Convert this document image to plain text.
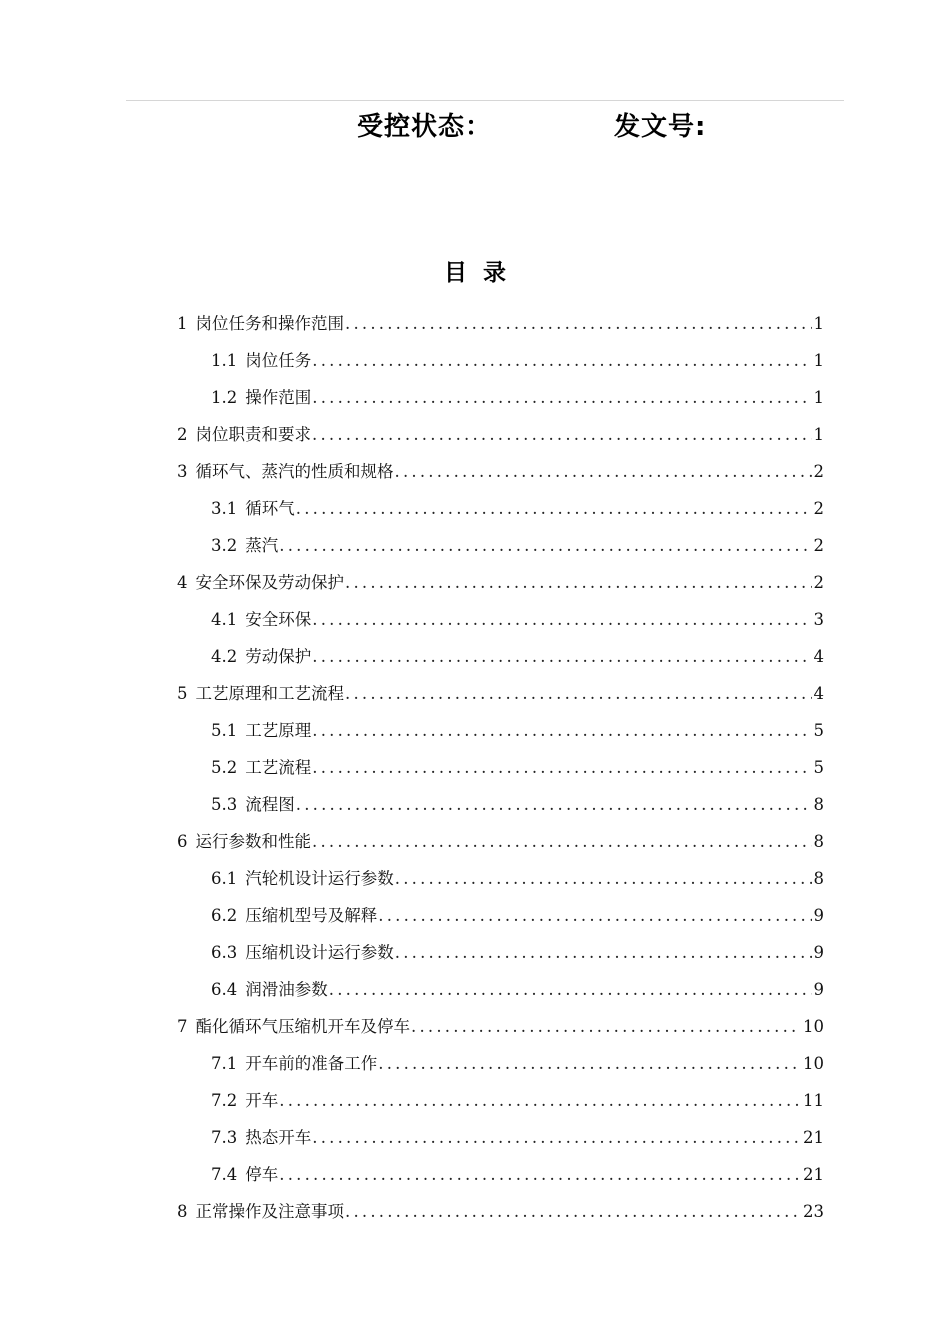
受控状态：	发文号:
目  录
1 岗位任务和操作范围 .....	1
1.1 岗位任务 .....	1
1.2 操作范围 .....	1
2 岗位职责和要求 .....	1
3 循环气、蒸汽的性质和规格 .....	2
3.1 循环气 .....	2
3.2 蒸汽 .....	2
4 安全环保及劳动保护 .....	2
4.1 安全环保 .....	3
4.2 劳动保护 .....	4
5 工艺原理和工艺流程 .....	4
5.1 工艺原理 .....	5
5.2 工艺流程 .....	5
5.3 流程图 .....	8
6 运行参数和性能 .....	8
6.1 汽轮机设计运行参数 .....	8
6.2 压缩机型号及解释 .....	9
6.3 压缩机设计运行参数 .....	9
6.4 润滑油参数 .....	9
7 酯化循环气压缩机开车及停车 .....	10
7.1 开车前的准备工作 .....	10
7.2 开车 .....	11
7.3 热态开车 .....	21
7.4 停车 .....	21
8 正常操作及注意事项 .....	23
